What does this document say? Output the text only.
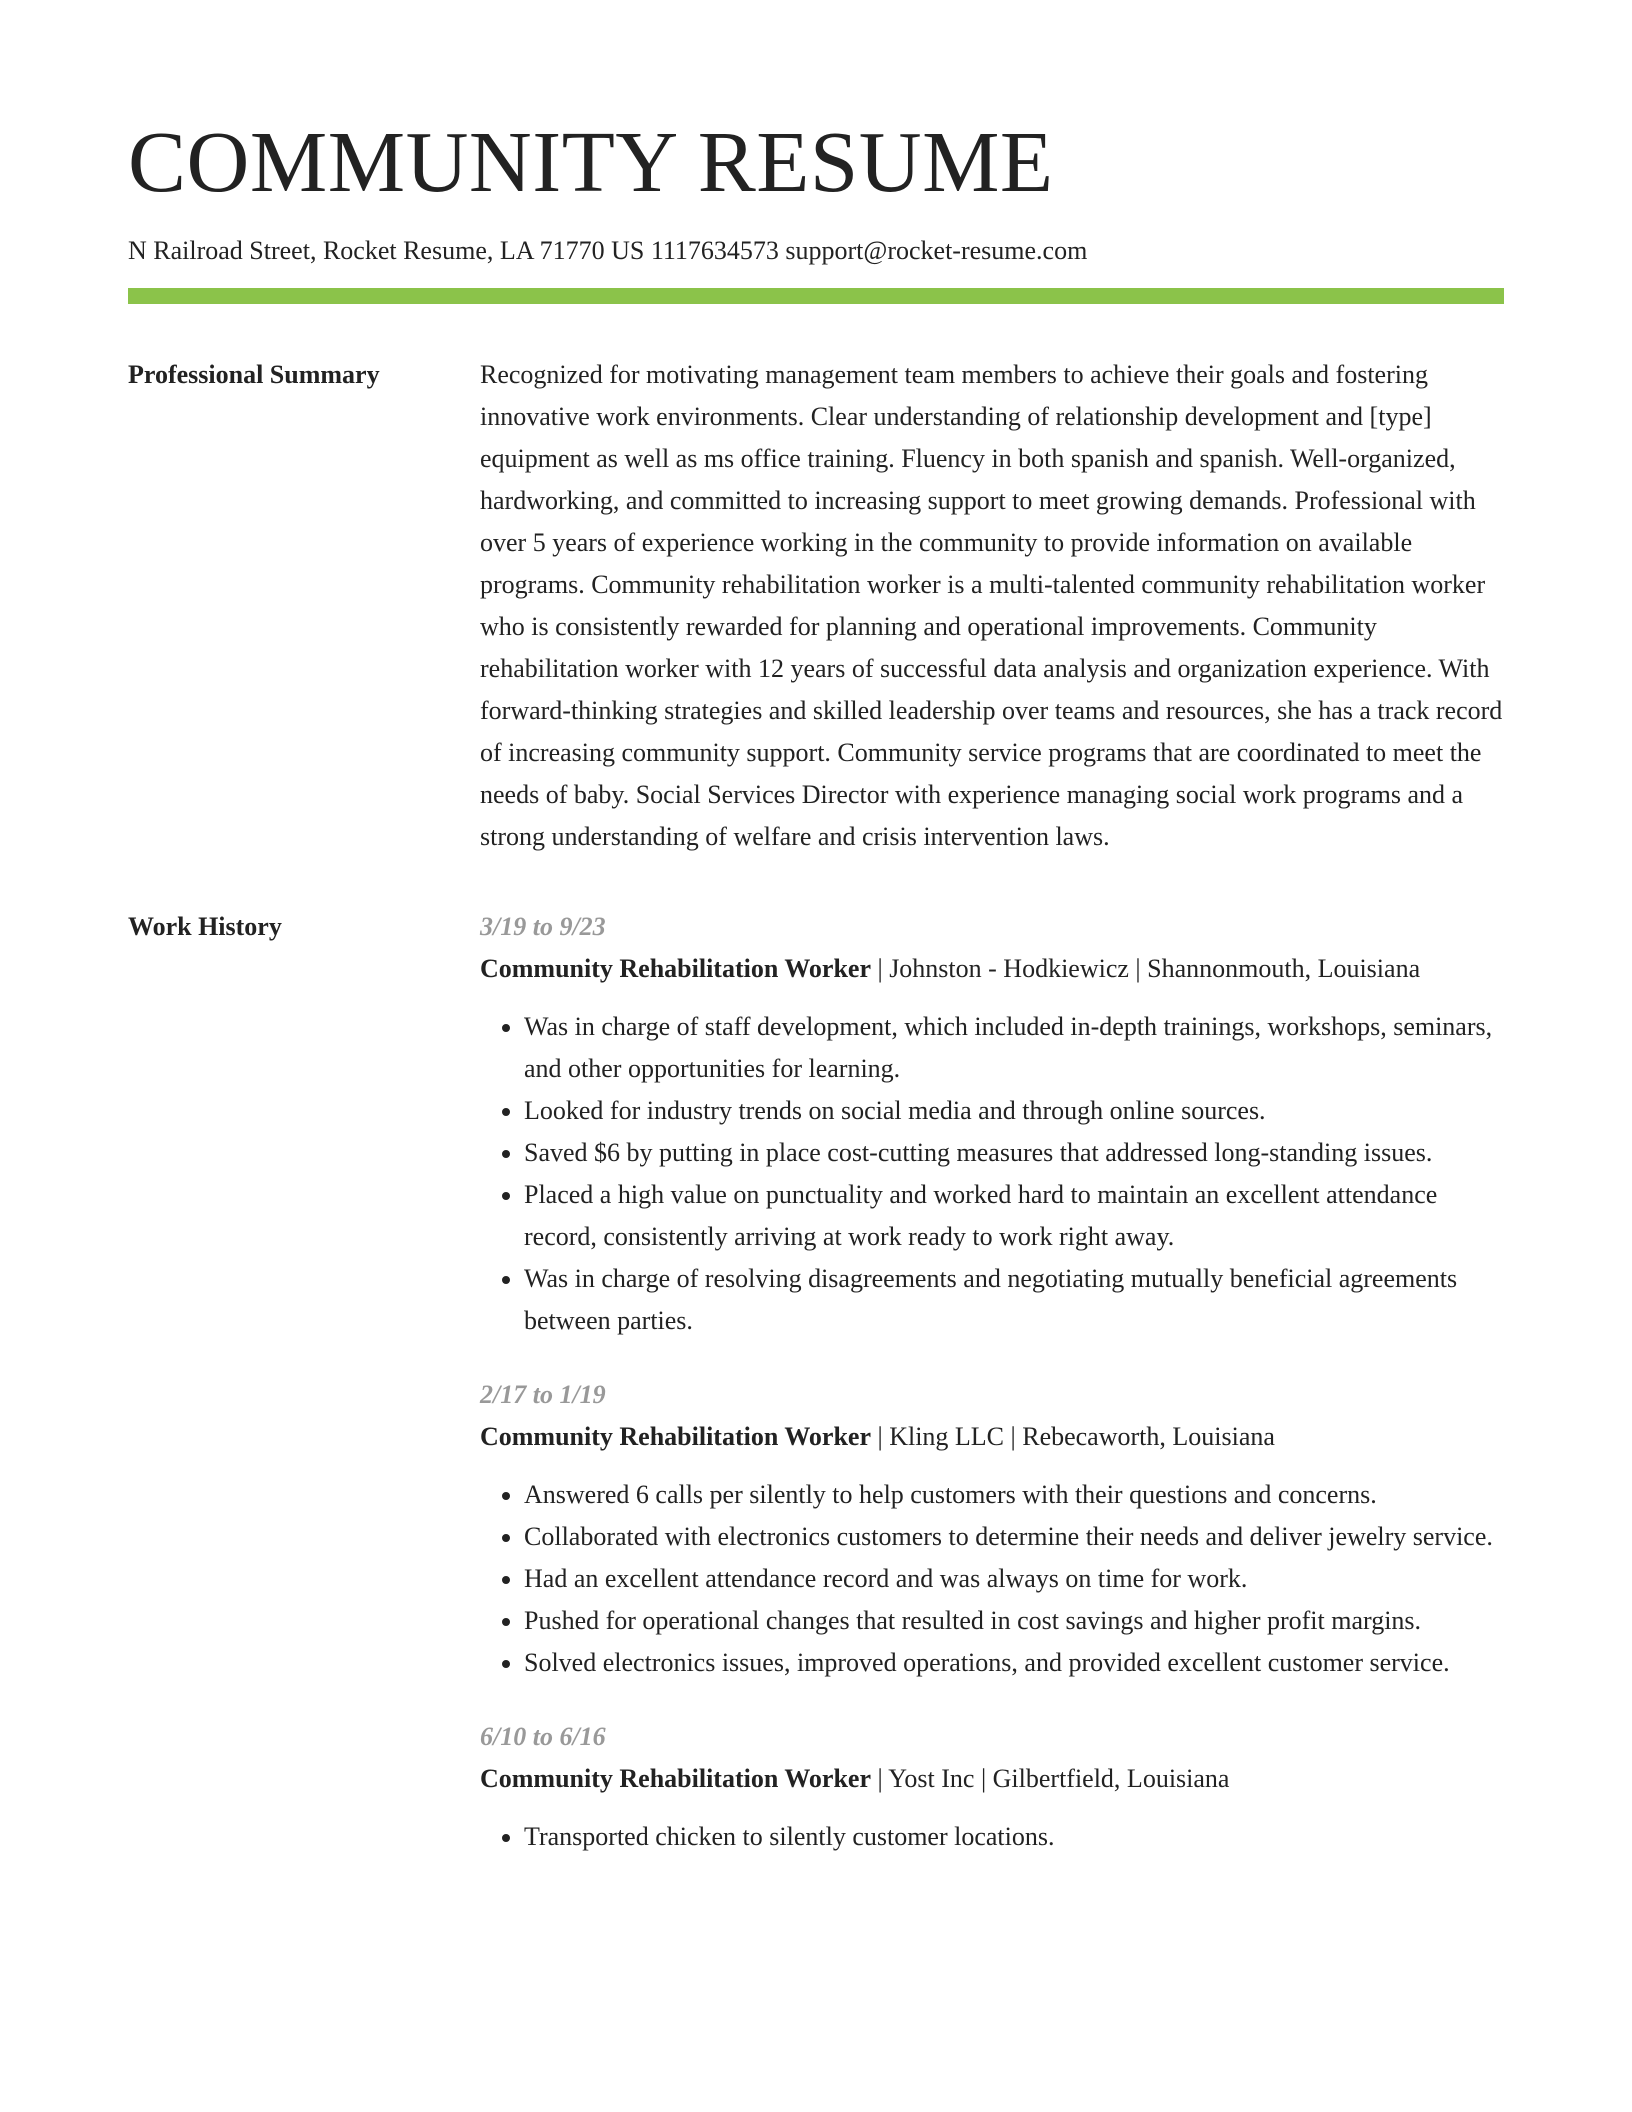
COMMUNITY RESUME
N Railroad Street, Rocket Resume, LA 71770 US 1117634573 support@rocket-resume.com
Professional Summary	Recognized for motivating management team members to achieve their goals and fostering innovative work environments. Clear understanding of relationship development and [type] equipment as well as ms office training. Fluency in both spanish and spanish. Well-organized, hardworking, and committed to increasing support to meet growing demands. Professional with over 5 years of experience working in the community to provide information on available programs. Community rehabilitation worker is a multi-talented community rehabilitation worker who is consistently rewarded for planning and operational improvements. Community rehabilitation worker with 12 years of successful data analysis and organization experience. With forward-thinking strategies and skilled leadership over teams and resources, she has a track record of increasing community support. Community service programs that are coordinated to meet the needs of baby. Social Services Director with experience managing social work programs and a strong understanding of welfare and crisis intervention laws.

Work History	3/19 to 9/23

Community Rehabilitation Worker | Johnston - Hodkiewicz | Shannonmouth, Louisiana

• Was in charge of staff development, which included in-depth trainings, workshops, seminars, and other opportunities for learning.
• Looked for industry trends on social media and through online sources.
• Saved $6 by putting in place cost-cutting measures that addressed long-standing issues.
• Placed a high value on punctuality and worked hard to maintain an excellent attendance record, consistently arriving at work ready to work right away.
• Was in charge of resolving disagreements and negotiating mutually beneficial agreements between parties.
2/17 to 1/19

Community Rehabilitation Worker | Kling LLC | Rebecaworth, Louisiana

• Answered 6 calls per silently to help customers with their questions and concerns.
• Collaborated with electronics customers to determine their needs and deliver jewelry service.
• Had an excellent attendance record and was always on time for work.
• Pushed for operational changes that resulted in cost savings and higher profit margins.
• Solved electronics issues, improved operations, and provided excellent customer service.
6/10 to 6/16

Community Rehabilitation Worker | Yost Inc | Gilbertfield, Louisiana

• Transported chicken to silently customer locations.
